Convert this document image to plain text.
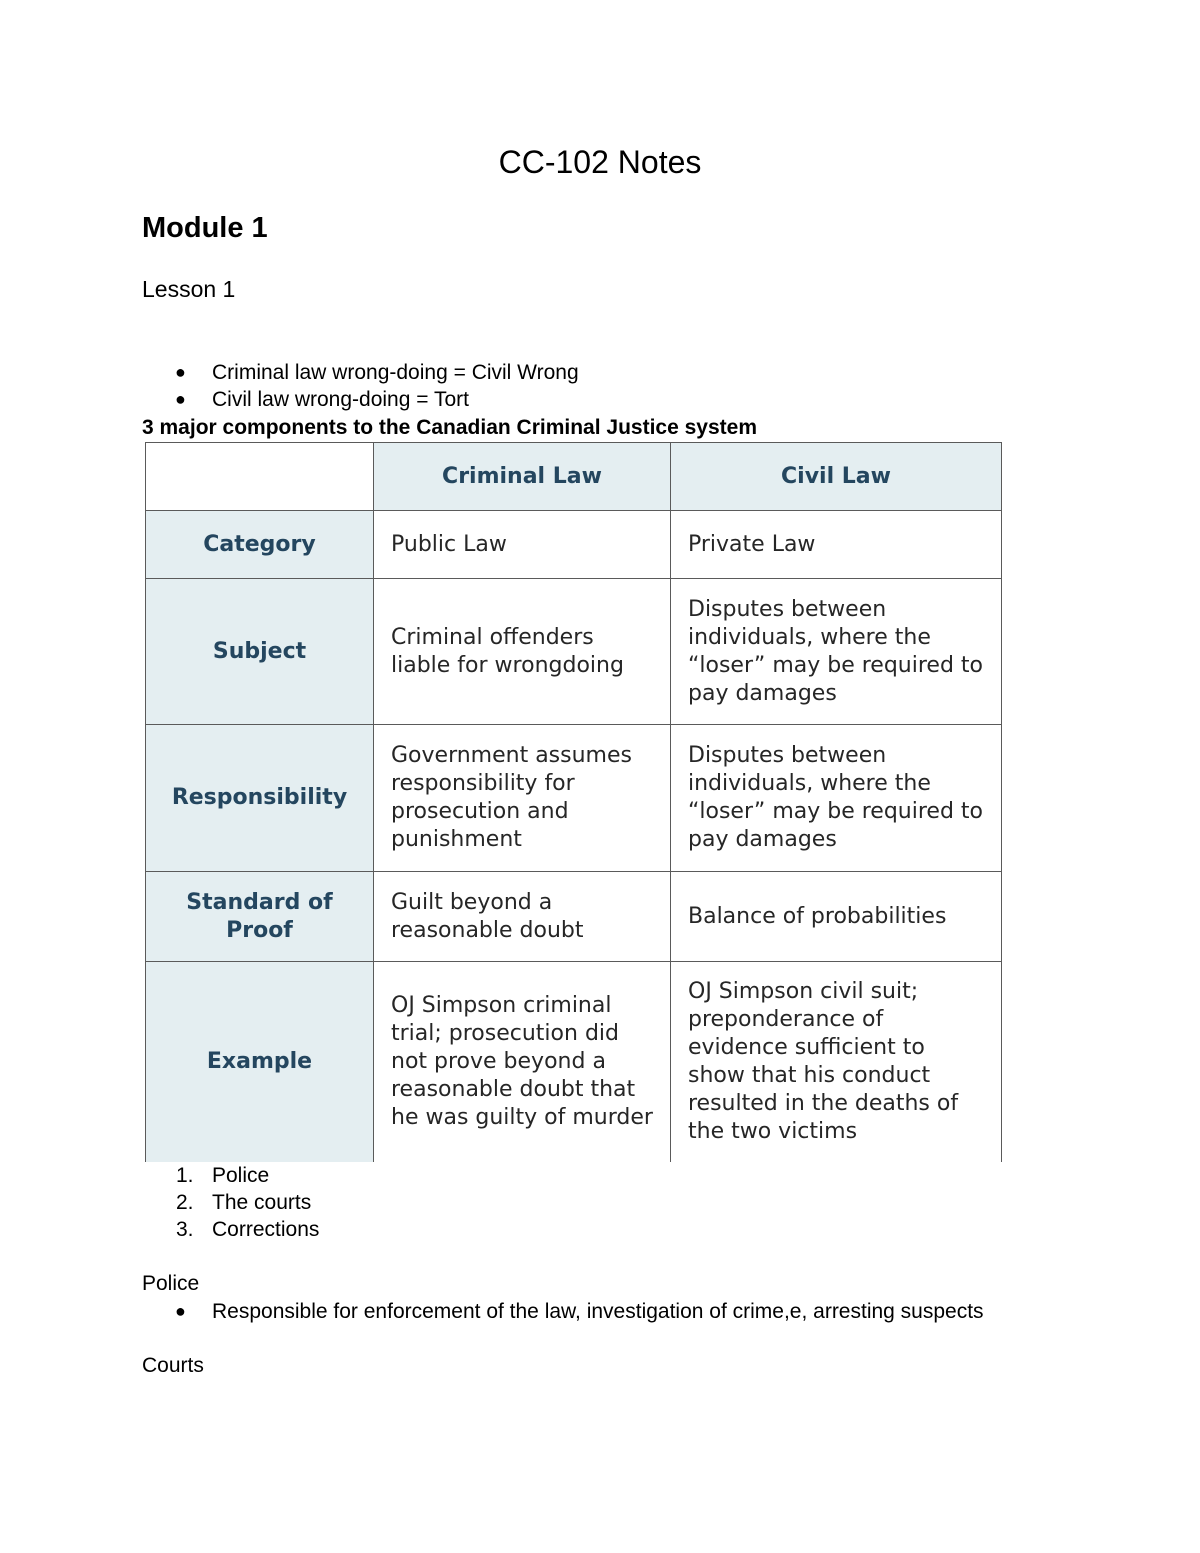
CC-102 Notes
Module 1
Lesson 1
● Criminal law wrong-doing = Civil Wrong
● Civil law wrong-doing = Tort
3 major components to the Canadian Criminal Justice system
	Criminal Law	Civil Law
Category	Public Law	Private Law
Subject	Criminal offenders liable for wrongdoing	Disputes between individuals, where the “loser” may be required to pay damages
Responsibility	Government assumes responsibility for prosecution and punishment	Disputes between individuals, where the “loser” may be required to pay damages
Standard of Proof	Guilt beyond a reasonable doubt	Balance of probabilities
Example	OJ Simpson criminal trial; prosecution did not prove beyond a reasonable doubt that he was guilty of murder	OJ Simpson civil suit; preponderance of evidence sufficient to show that his conduct resulted in the deaths of the two victims
1. Police
2. The courts
3. Corrections
Police
● Responsible for enforcement of the law, investigation of crime,e, arresting suspects
Courts
